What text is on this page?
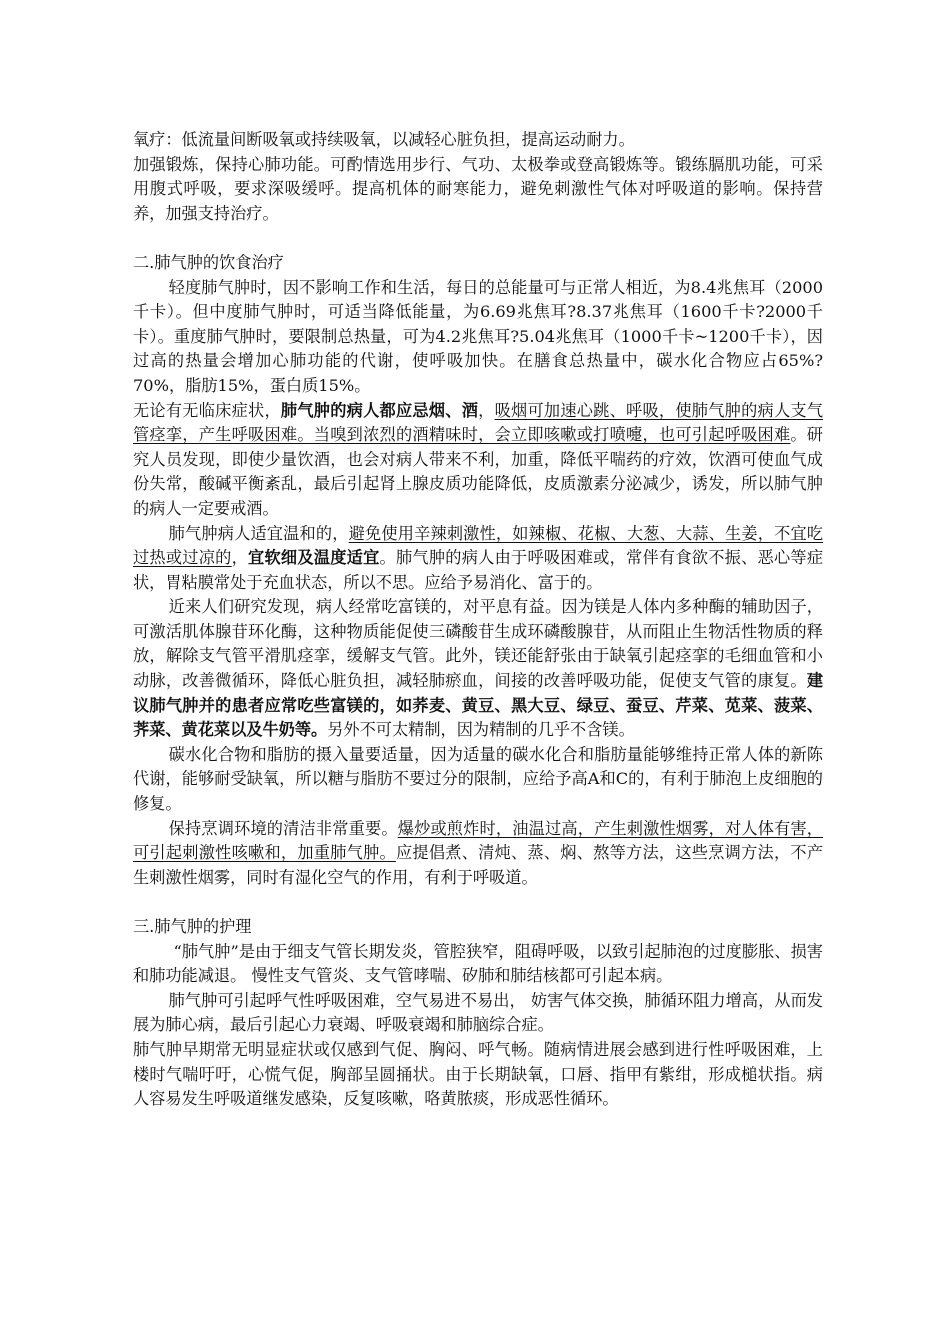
氧疗：低流量间断吸氧或持续吸氧，以减轻心脏负担，提高运动耐力。

加强锻炼，保持心肺功能。可酌情选用步行、气功、太极拳或登高锻炼等。锻练膈肌功能，可采用腹式呼吸，要求深吸缓呼。提高机体的耐寒能力，避免刺激性气体对呼吸道的影响。保持营养，加强支持治疗。

二.肺气肿的饮食治疗

轻度肺气肿时，因不影响工作和生活，每日的总能量可与正常人相近，为8.4兆焦耳（2000千卡）。但中度肺气肿时，可适当降低能量，为6.69兆焦耳?8.37兆焦耳（1600千卡?2000千卡）。重度肺气肿时，要限制总热量，可为4.2兆焦耳?5.04兆焦耳（1000千卡~1200千卡），因过高的热量会增加心肺功能的代谢，使呼吸加快。在膳食总热量中，碳水化合物应占65%?70%，脂肪15%，蛋白质15%。

无论有无临床症状，肺气肿的病人都应忌烟、酒，吸烟可加速心跳、呼吸，使肺气肿的病人支气管痉挛，产生呼吸困难。当嗅到浓烈的酒精味时，会立即咳嗽或打喷嚏，也可引起呼吸困难。研究人员发现，即使少量饮酒，也会对病人带来不利，加重，降低平喘药的疗效，饮酒可使血气成份失常，酸碱平衡紊乱，最后引起肾上腺皮质功能降低，皮质激素分泌减少，诱发，所以肺气肿的病人一定要戒酒。

肺气肿病人适宜温和的，避免使用辛辣刺激性，如辣椒、花椒、大葱、大蒜、生姜，不宜吃过热或过凉的，宜软细及温度适宜。肺气肿的病人由于呼吸困难或，常伴有食欲不振、恶心等症状，胃粘膜常处于充血状态，所以不思。应给予易消化、富于的。

近来人们研究发现，病人经常吃富镁的，对平息有益。因为镁是人体内多种酶的辅助因子，可激活肌体腺苷环化酶，这种物质能促使三磷酸苷生成环磷酸腺苷，从而阻止生物活性物质的释放，解除支气管平滑肌痉挛，缓解支气管。此外，镁还能舒张由于缺氧引起痉挛的毛细血管和小动脉，改善微循环，降低心脏负担，减轻肺瘀血，间接的改善呼吸功能，促使支气管的康复。建议肺气肿并的患者应常吃些富镁的，如荞麦、黄豆、黑大豆、绿豆、蚕豆、芹菜、苋菜、菠菜、荠菜、黄花菜以及牛奶等。另外不可太精制，因为精制的几乎不含镁。

碳水化合物和脂肪的摄入量要适量，因为适量的碳水化合和脂肪量能够维持正常人体的新陈代谢，能够耐受缺氧，所以糖与脂肪不要过分的限制，应给予高A和C的，有利于肺泡上皮细胞的修复。

保持烹调环境的清洁非常重要。爆炒或煎炸时，油温过高，产生刺激性烟雾，对人体有害，可引起刺激性咳嗽和，加重肺气肿。应提倡煮、清炖、蒸、焖、熬等方法，这些烹调方法，不产生刺激性烟雾，同时有湿化空气的作用，有利于呼吸道。

三.肺气肿的护理

“肺气肿”是由于细支气管长期发炎，管腔狭窄，阻碍呼吸，以致引起肺泡的过度膨胀、损害和肺功能减退。 慢性支气管炎、支气管哮喘、矽肺和肺结核都可引起本病。

肺气肿可引起呼气性呼吸困难，空气易进不易出， 妨害气体交换，肺循环阻力增高，从而发展为肺心病，最后引起心力衰竭、呼吸衰竭和肺脑综合症。

肺气肿早期常无明显症状或仅感到气促、胸闷、呼气畅。随病情进展会感到进行性呼吸困难，上楼时气喘吁吁，心慌气促，胸部呈圆捅状。由于长期缺氧，口唇、指甲有紫绀，形成槌状指。病人容易发生呼吸道继发感染，反复咳嗽，咯黄脓痰，形成恶性循环。
